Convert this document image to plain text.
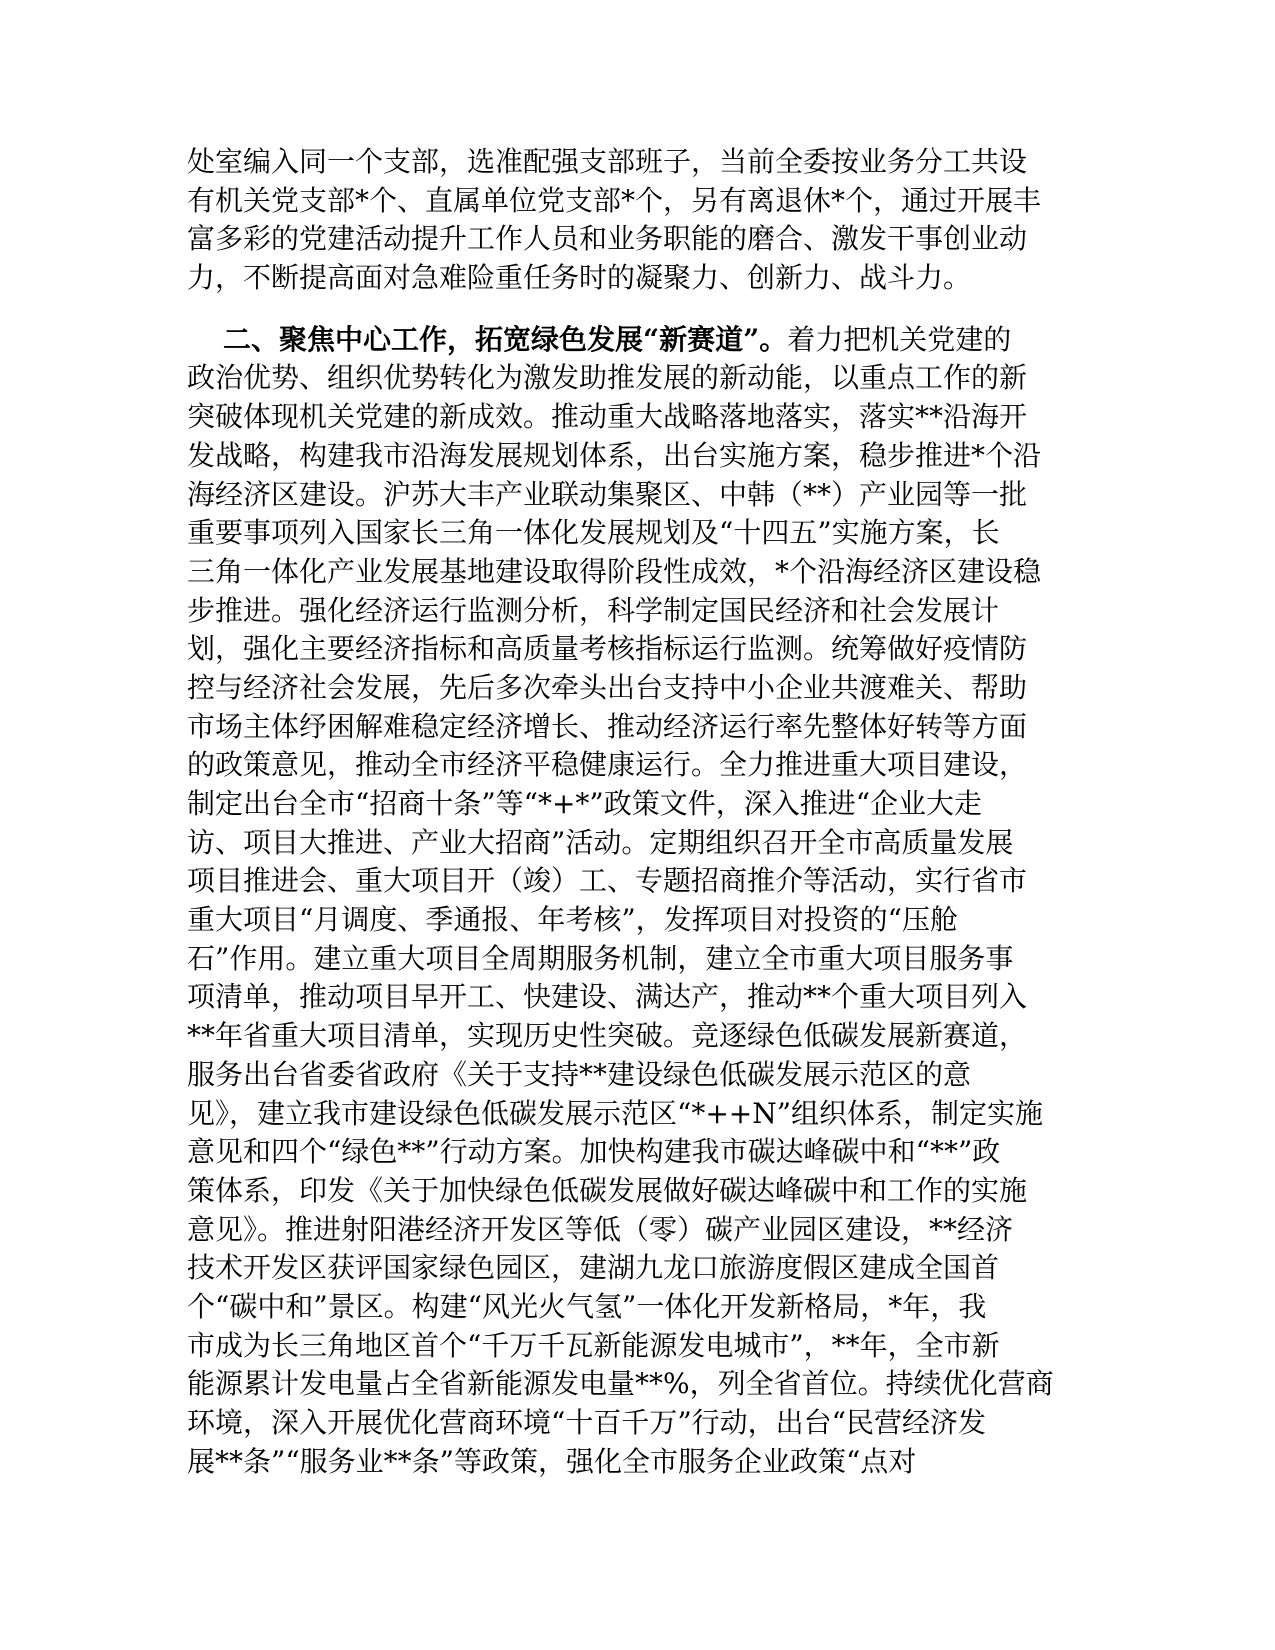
处室编入同一个支部，选准配强支部班子，当前全委按业务分工共设
有机关党支部*个、直属单位党支部*个，另有离退休*个，通过开展丰
富多彩的党建活动提升工作人员和业务职能的磨合、激发干事创业动
力，不断提高面对急难险重任务时的凝聚力、创新力、战斗力。
二、聚焦中心工作，拓宽绿色发展“新赛道”。着力把机关党建的
政治优势、组织优势转化为激发助推发展的新动能，以重点工作的新
突破体现机关党建的新成效。推动重大战略落地落实，落实**沿海开
发战略，构建我市沿海发展规划体系，出台实施方案，稳步推进*个沿
海经济区建设。沪苏大丰产业联动集聚区、中韩（**）产业园等一批
重要事项列入国家长三角一体化发展规划及“十四五”实施方案，长
三角一体化产业发展基地建设取得阶段性成效，*个沿海经济区建设稳
步推进。强化经济运行监测分析，科学制定国民经济和社会发展计
划，强化主要经济指标和高质量考核指标运行监测。统筹做好疫情防
控与经济社会发展，先后多次牵头出台支持中小企业共渡难关、帮助
市场主体纾困解难稳定经济增长、推动经济运行率先整体好转等方面
的政策意见，推动全市经济平稳健康运行。全力推进重大项目建设，
制定出台全市“招商十条”等“*+*”政策文件，深入推进“企业大走
访、项目大推进、产业大招商”活动。定期组织召开全市高质量发展
项目推进会、重大项目开（竣）工、专题招商推介等活动，实行省市
重大项目“月调度、季通报、年考核”，发挥项目对投资的“压舱
石”作用。建立重大项目全周期服务机制，建立全市重大项目服务事
项清单，推动项目早开工、快建设、满达产，推动**个重大项目列入
**年省重大项目清单，实现历史性突破。竞逐绿色低碳发展新赛道，
服务出台省委省政府《关于支持**建设绿色低碳发展示范区的意
见》，建立我市建设绿色低碳发展示范区“*++N”组织体系，制定实施
意见和四个“绿色**”行动方案。加快构建我市碳达峰碳中和“**”政
策体系，印发《关于加快绿色低碳发展做好碳达峰碳中和工作的实施
意见》。推进射阳港经济开发区等低（零）碳产业园区建设，**经济
技术开发区获评国家绿色园区，建湖九龙口旅游度假区建成全国首
个“碳中和”景区。构建“风光火气氢”一体化开发新格局，*年，我
市成为长三角地区首个“千万千瓦新能源发电城市”，**年，全市新
能源累计发电量占全省新能源发电量**%，列全省首位。持续优化营商
环境，深入开展优化营商环境“十百千万”行动，出台“民营经济发
展**条”“服务业**条”等政策，强化全市服务企业政策“点对
